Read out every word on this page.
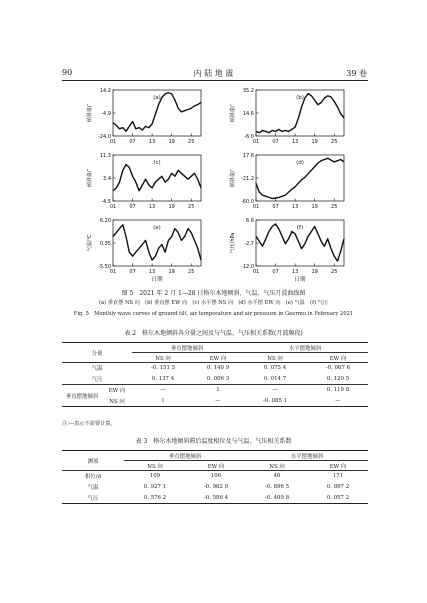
90	内 陆 地 震	39 卷
(a)
14.2
-4.9
-24.0
01	07	13	19	25
倾斜量/″
(b)
35.2
14.6
-6.0
01	07	13	19	25
倾斜量/″
(c)
11.3
3.4
-4.5
01	07	13	19	25
倾斜量/″
(d)
17.6
-21.2
-60.0
01	07	13	19	25
倾斜量/″
(e)
6.20
0.35
-5.50
01	07	13	19	25
气温/℃
日期
(f)
6.6
-2.7
-12.0
01	07	13	19	25
气压/hPa
日期
图 5　2021 年 2 月 1—28 日格尔木地倾斜、气温、气压月波曲线图
(a) 垂直摆 NS 向　(b) 垂直摆 EW 向　(c) 水平摆 NS 向　(d) 水平摆 EW 向　(e) 气温　(f) 气压
Fig. 5　Monthly wave curves of ground tilt, air temperature and air pressure in Geermu in February 2021
表 2　格尔木地倾斜各分量之间及与气温、气压相关系数(月波频段)
分量		垂直摆地倾斜		水平摆地倾斜	
		NS 向	EW 向	NS 向	EW 向
气温		-0. 151 5	0. 140 9	0. 075 4	-0. 067 6
气压		0. 137 4	0. 006 3	0. 014 7	0. 120 5
垂直摆地倾斜	EW 向	—	1	—	0. 119 8
	NS 向	1	—	-0. 085 1	—
注:—表示不需要计算。
表 3　格尔木地倾斜滞后温度相位及与气温、气压相关系数
测项	垂直摆地倾斜		水平摆地倾斜	
	NS 向	EW 向	NS 向	EW 向
相位/d	109	106	46	171
气温	0. 927 1	-0. 962 9	-0. 896 5	0. 897 2
气压	0. 576 2	-0. 586 4	-0. 409 8	0. 057 2
